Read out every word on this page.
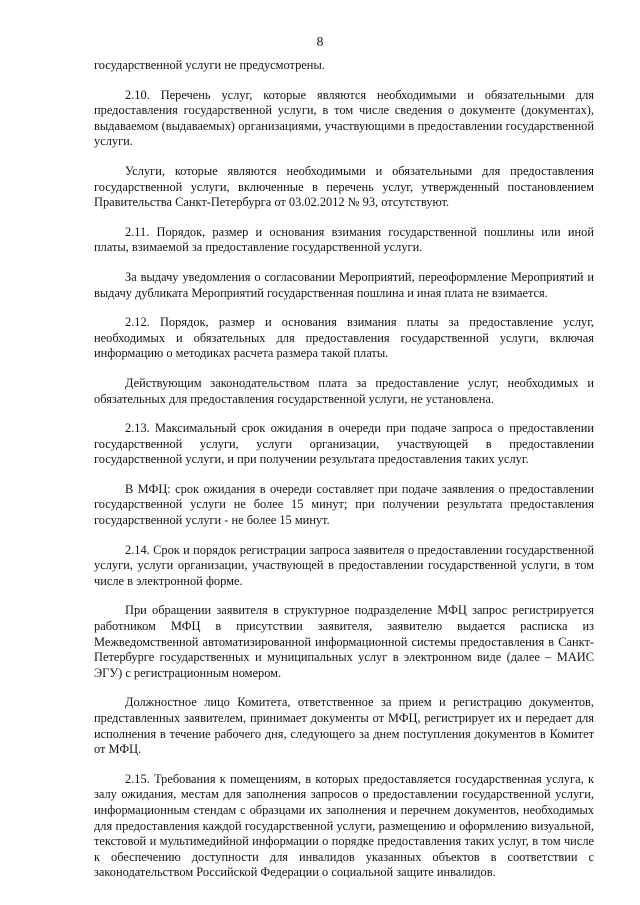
8

государственной услуги не предусмотрены.

2.10. Перечень услуг, которые являются необходимыми и обязательными для предоставления государственной услуги, в том числе сведения о документе (документах), выдаваемом (выдаваемых) организациями, участвующими в предоставлении государственной услуги.

Услуги, которые являются необходимыми и обязательными для предоставления государственной услуги, включенные в перечень услуг, утвержденный постановлением Правительства Санкт-Петербурга от 03.02.2012 № 93, отсутствуют.

2.11. Порядок, размер и основания взимания государственной пошлины или иной платы, взимаемой за предоставление государственной услуги.

За выдачу уведомления о согласовании Мероприятий, переоформление Мероприятий и выдачу дубликата Мероприятий государственная пошлина и иная плата не взимается.

2.12. Порядок, размер и основания взимания платы за предоставление услуг, необходимых и обязательных для предоставления государственной услуги, включая информацию о методиках расчета размера такой платы.

Действующим законодательством плата за предоставление услуг, необходимых и обязательных для предоставления государственной услуги, не установлена.

2.13. Максимальный срок ожидания в очереди при подаче запроса о предоставлении государственной услуги, услуги организации, участвующей в предоставлении государственной услуги, и при получении результата предоставления таких услуг.

В МФЦ: срок ожидания в очереди составляет при подаче заявления о предоставлении государственной услуги не более 15 минут; при получении результата предоставления государственной услуги - не более 15 минут.

2.14. Срок и порядок регистрации запроса заявителя о предоставлении государственной услуги, услуги организации, участвующей в предоставлении государственной услуги, в том числе в электронной форме.

При обращении заявителя в структурное подразделение МФЦ запрос регистрируется работником МФЦ в присутствии заявителя, заявителю выдается расписка из Межведомственной автоматизированной информационной системы предоставления в Санкт-Петербурге государственных и муниципальных услуг в электронном виде (далее – МАИС ЭГУ) с регистрационным номером.

Должностное лицо Комитета, ответственное за прием и регистрацию документов, представленных заявителем, принимает документы от МФЦ, регистрирует их и передает для исполнения в течение рабочего дня, следующего за днем поступления документов в Комитет от МФЦ.

2.15. Требования к помещениям, в которых предоставляется государственная услуга, к залу ожидания, местам для заполнения запросов о предоставлении государственной услуги, информационным стендам с образцами их заполнения и перечнем документов, необходимых для предоставления каждой государственной услуги, размещению и оформлению визуальной, текстовой и мультимедийной информации о порядке предоставления таких услуг, в том числе к обеспечению доступности для инвалидов указанных объектов в соответствии с законодательством Российской Федерации о социальной защите инвалидов.
